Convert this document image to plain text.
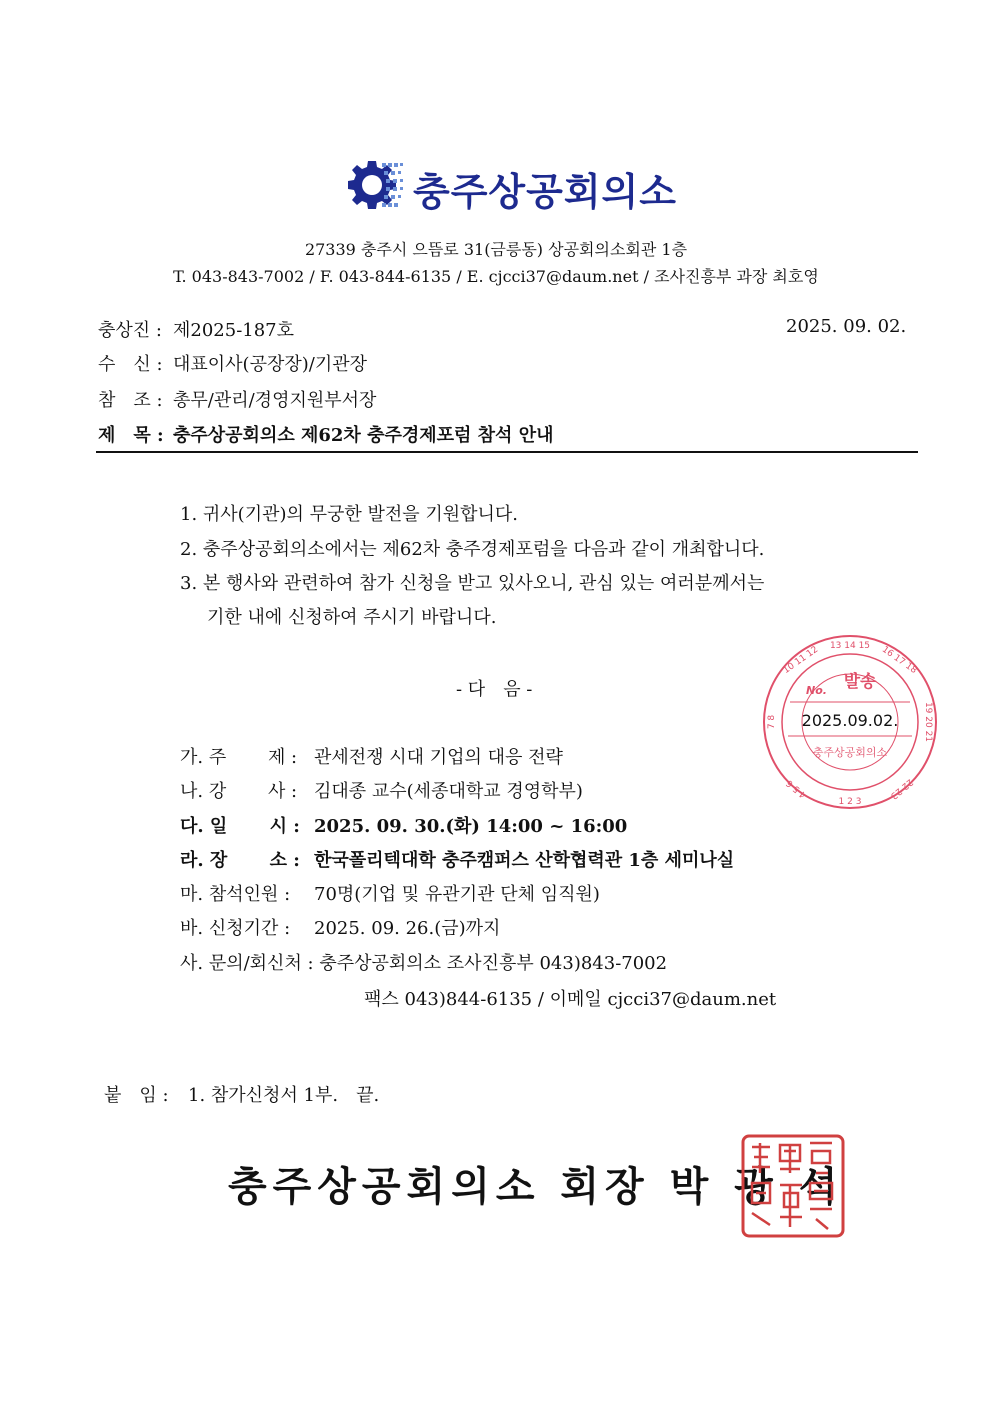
충주상공회의소
27339 충주시 으뜸로 31(금릉동) 상공회의소회관 1층
T. 043-843-7002 / F. 043-844-6135 / E. cjcci37@daum.net / 조사진흥부 과장 최호영
충상진 : 제2025-187호	2025. 09. 02.
수　신 : 대표이사(공장장)/기관장
참　조 : 총무/관리/경영지원부서장
제　목 : 충주상공회의소 제62차 충주경제포럼 참석 안내
1. 귀사(기관)의 무궁한 발전을 기원합니다.
2. 충주상공회의소에서는 제62차 충주경제포럼을 다음과 같이 개최합니다.
3. 본 행사와 관련하여 참가 신청을 받고 있사오니, 관심 있는 여러분께서는
기한 내에 신청하여 주시기 바랍니다.
- 다　음 -
13 14 15 16 17 18
19 20 21
22 23
1 2 3
4 5 6
7 8
10 11 12
No. 발송
2025.09.02.
충주상공회의소
가. 주　　 제 : 관세전쟁 시대 기업의 대응 전략
나. 강　　 사 : 김대종 교수(세종대학교 경영학부)
다. 일　　 시 : 2025. 09. 30.(화) 14:00 ~ 16:00
라. 장　　 소 : 한국폴리텍대학 충주캠퍼스 산학협력관 1층 세미나실
마. 참석인원 : 70명(기업 및 유관기관 단체 임직원)
바. 신청기간 : 2025. 09. 26.(금)까지
사. 문의/회신처 : 충주상공회의소 조사진흥부 043)843-7002
팩스 043)844-6135 / 이메일 cjcci37@daum.net
붙　임 : 1. 참가신청서 1부.　끝.
충주상공회의소 회장 박 광 석
